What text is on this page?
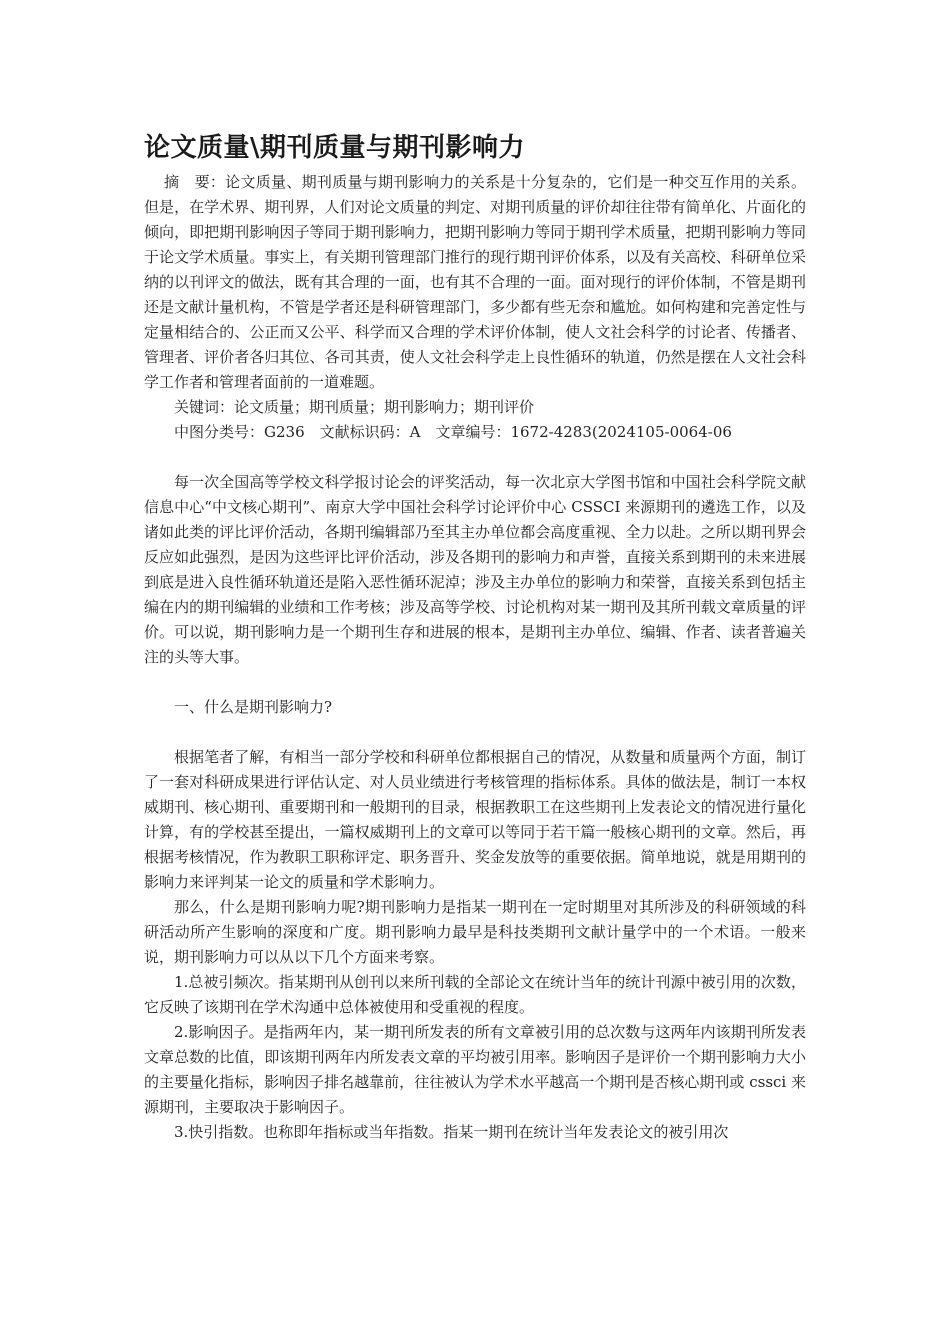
论文质量\期刊质量与期刊影响力

摘　要：论文质量、期刊质量与期刊影响力的关系是十分复杂的，它们是一种交互作用的关系。但是，在学术界、期刊界，人们对论文质量的判定、对期刊质量的评价却往往带有简单化、片面化的倾向，即把期刊影响因子等同于期刊影响力，把期刊影响力等同于期刊学术质量，把期刊影响力等同于论文学术质量。事实上，有关期刊管理部门推行的现行期刊评价体系，以及有关高校、科研单位采纳的以刊评文的做法，既有其合理的一面，也有其不合理的一面。面对现行的评价体制，不管是期刊还是文献计量机构，不管是学者还是科研管理部门，多少都有些无奈和尴尬。如何构建和完善定性与定量相结合的、公正而又公平、科学而又合理的学术评价体制，使人文社会科学的讨论者、传播者、管理者、评价者各归其位、各司其责，使人文社会科学走上良性循环的轨道，仍然是摆在人文社会科学工作者和管理者面前的一道难题。

关键词：论文质量；期刊质量；期刊影响力；期刊评价

中图分类号：G236　文献标识码：A　文章编号：1672-4283(2024105-0064-06

每一次全国高等学校文科学报讨论会的评奖活动，每一次北京大学图书馆和中国社会科学院文献信息中心“中文核心期刊”、南京大学中国社会科学讨论评价中心 CSSCI 来源期刊的遴选工作，以及诸如此类的评比评价活动，各期刊编辑部乃至其主办单位都会高度重视、全力以赴。之所以期刊界会反应如此强烈，是因为这些评比评价活动，涉及各期刊的影响力和声誉，直接关系到期刊的未来进展到底是进入良性循环轨道还是陷入恶性循环泥淖；涉及主办单位的影响力和荣誉，直接关系到包括主编在内的期刊编辑的业绩和工作考核；涉及高等学校、讨论机构对某一期刊及其所刊载文章质量的评价。可以说，期刊影响力是一个期刊生存和进展的根本，是期刊主办单位、编辑、作者、读者普遍关注的头等大事。

一、什么是期刊影响力?

根据笔者了解，有相当一部分学校和科研单位都根据自己的情况，从数量和质量两个方面，制订了一套对科研成果进行评估认定、对人员业绩进行考核管理的指标体系。具体的做法是，制订一本权威期刊、核心期刊、重要期刊和一般期刊的目录，根据教职工在这些期刊上发表论文的情况进行量化计算，有的学校甚至提出，一篇权威期刊上的文章可以等同于若干篇一般核心期刊的文章。然后，再根据考核情况，作为教职工职称评定、职务晋升、奖金发放等的重要依据。简单地说，就是用期刊的影响力来评判某一论文的质量和学术影响力。

那么，什么是期刊影响力呢?期刊影响力是指某一期刊在一定时期里对其所涉及的科研领域的科研活动所产生影响的深度和广度。期刊影响力最早是科技类期刊文献计量学中的一个术语。一般来说，期刊影响力可以从以下几个方面来考察。

1.总被引频次。指某期刊从创刊以来所刊载的全部论文在统计当年的统计刊源中被引用的次数，它反映了该期刊在学术沟通中总体被使用和受重视的程度。

2.影响因子。是指两年内，某一期刊所发表的所有文章被引用的总次数与这两年内该期刊所发表文章总数的比值，即该期刊两年内所发表文章的平均被引用率。影响因子是评价一个期刊影响力大小的主要量化指标，影响因子排名越靠前，往往被认为学术水平越高一个期刊是否核心期刊或 cssci 来源期刊，主要取决于影响因子。

3.快引指数。也称即年指标或当年指数。指某一期刊在统计当年发表论文的被引用次
